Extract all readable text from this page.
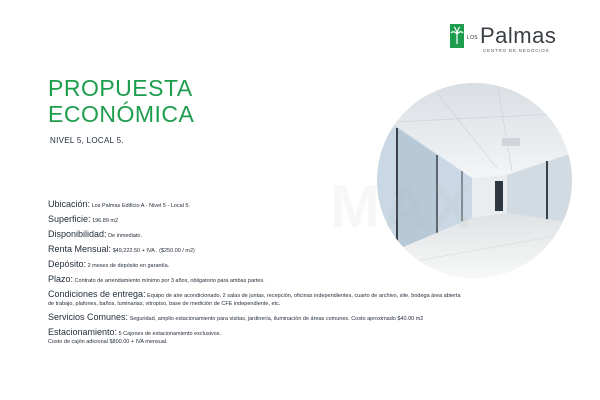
LOS Palmas
CENTRO DE NEGOCIOS
PROPUESTA
ECONÓMICA
NIVEL 5, LOCAL 5.
MAX
Ubicación: Los Palmas Edificio A - Nivel 5 - Local 5.
Superficie: 196.89 m2
Disponibilidad: De inmediato.
Renta Mensual: $49,222.50 + IVA . ($250.00 / m2)
Depósito: 2 meses de depósito en garantía.
Plazo: Contrato de arrendamiento mínimo por 3 años, obligatorio para ambas partes.
Condiciones de entrega: Equipo de aire acondicionado, 2 salas de juntas, recepción, oficinas independientes, cuarto de archivo, site, bodega área abierta
de trabajo, plafones, baños, luminarias, vitropiso, base de medición de CFE independiente, etc.
Servicios Comunes: Seguridad, amplio estacionamiento para visitas, jardinería, iluminación de áreas comunes. Costo aproximado $40.00 m2
Estacionamiento: 5 Cajones de estacionamiento exclusivos.
Costo de cajón adicional $800.00 + IVA mensual.
